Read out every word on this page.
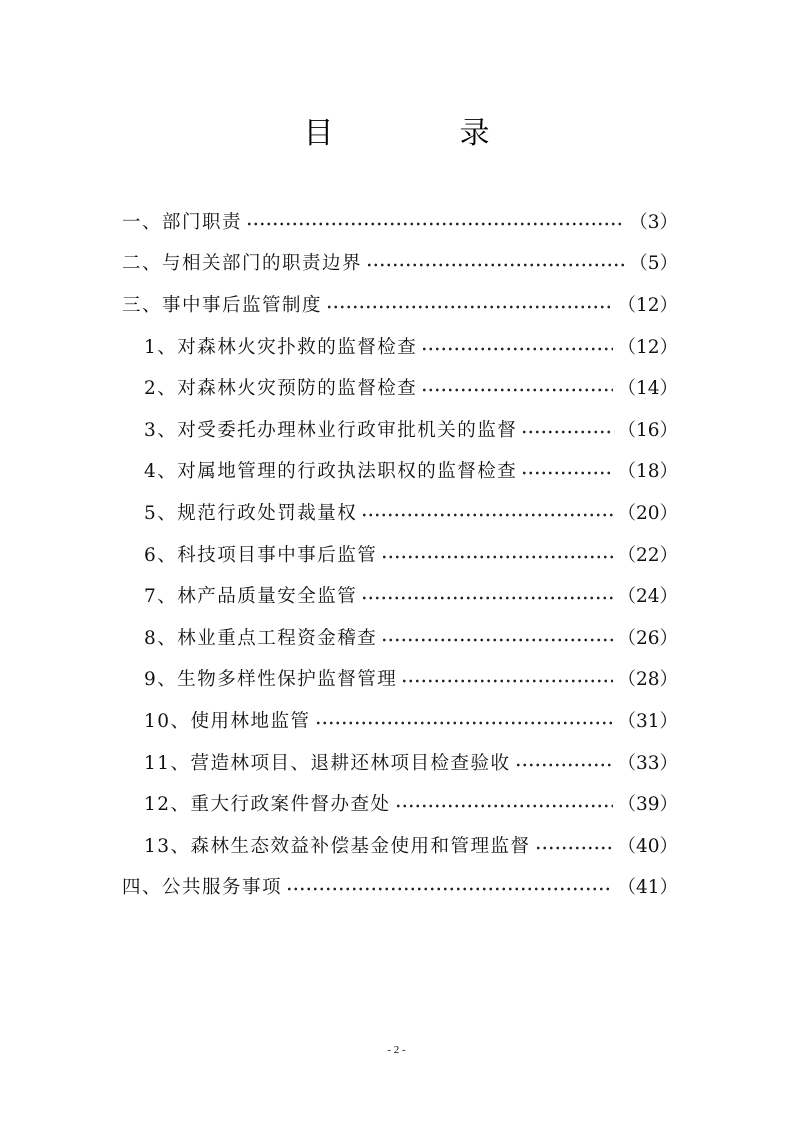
目　录
一、部门职责	（3）
二、与相关部门的职责边界	（5）
三、事中事后监管制度	（12）
1、对森林火灾扑救的监督检查	（12）
2、对森林火灾预防的监督检查	（14）
3、对受委托办理林业行政审批机关的监督	（16）
4、对属地管理的行政执法职权的监督检查	（18）
5、规范行政处罚裁量权	（20）
6、科技项目事中事后监管	（22）
7、林产品质量安全监管	（24）
8、林业重点工程资金稽查	（26）
9、生物多样性保护监督管理	（28）
10、使用林地监管	（31）
11、营造林项目、退耕还林项目检查验收	（33）
12、重大行政案件督办查处	（39）
13、森林生态效益补偿基金使用和管理监督	（40）
四、公共服务事项	（41）
- 2 -
